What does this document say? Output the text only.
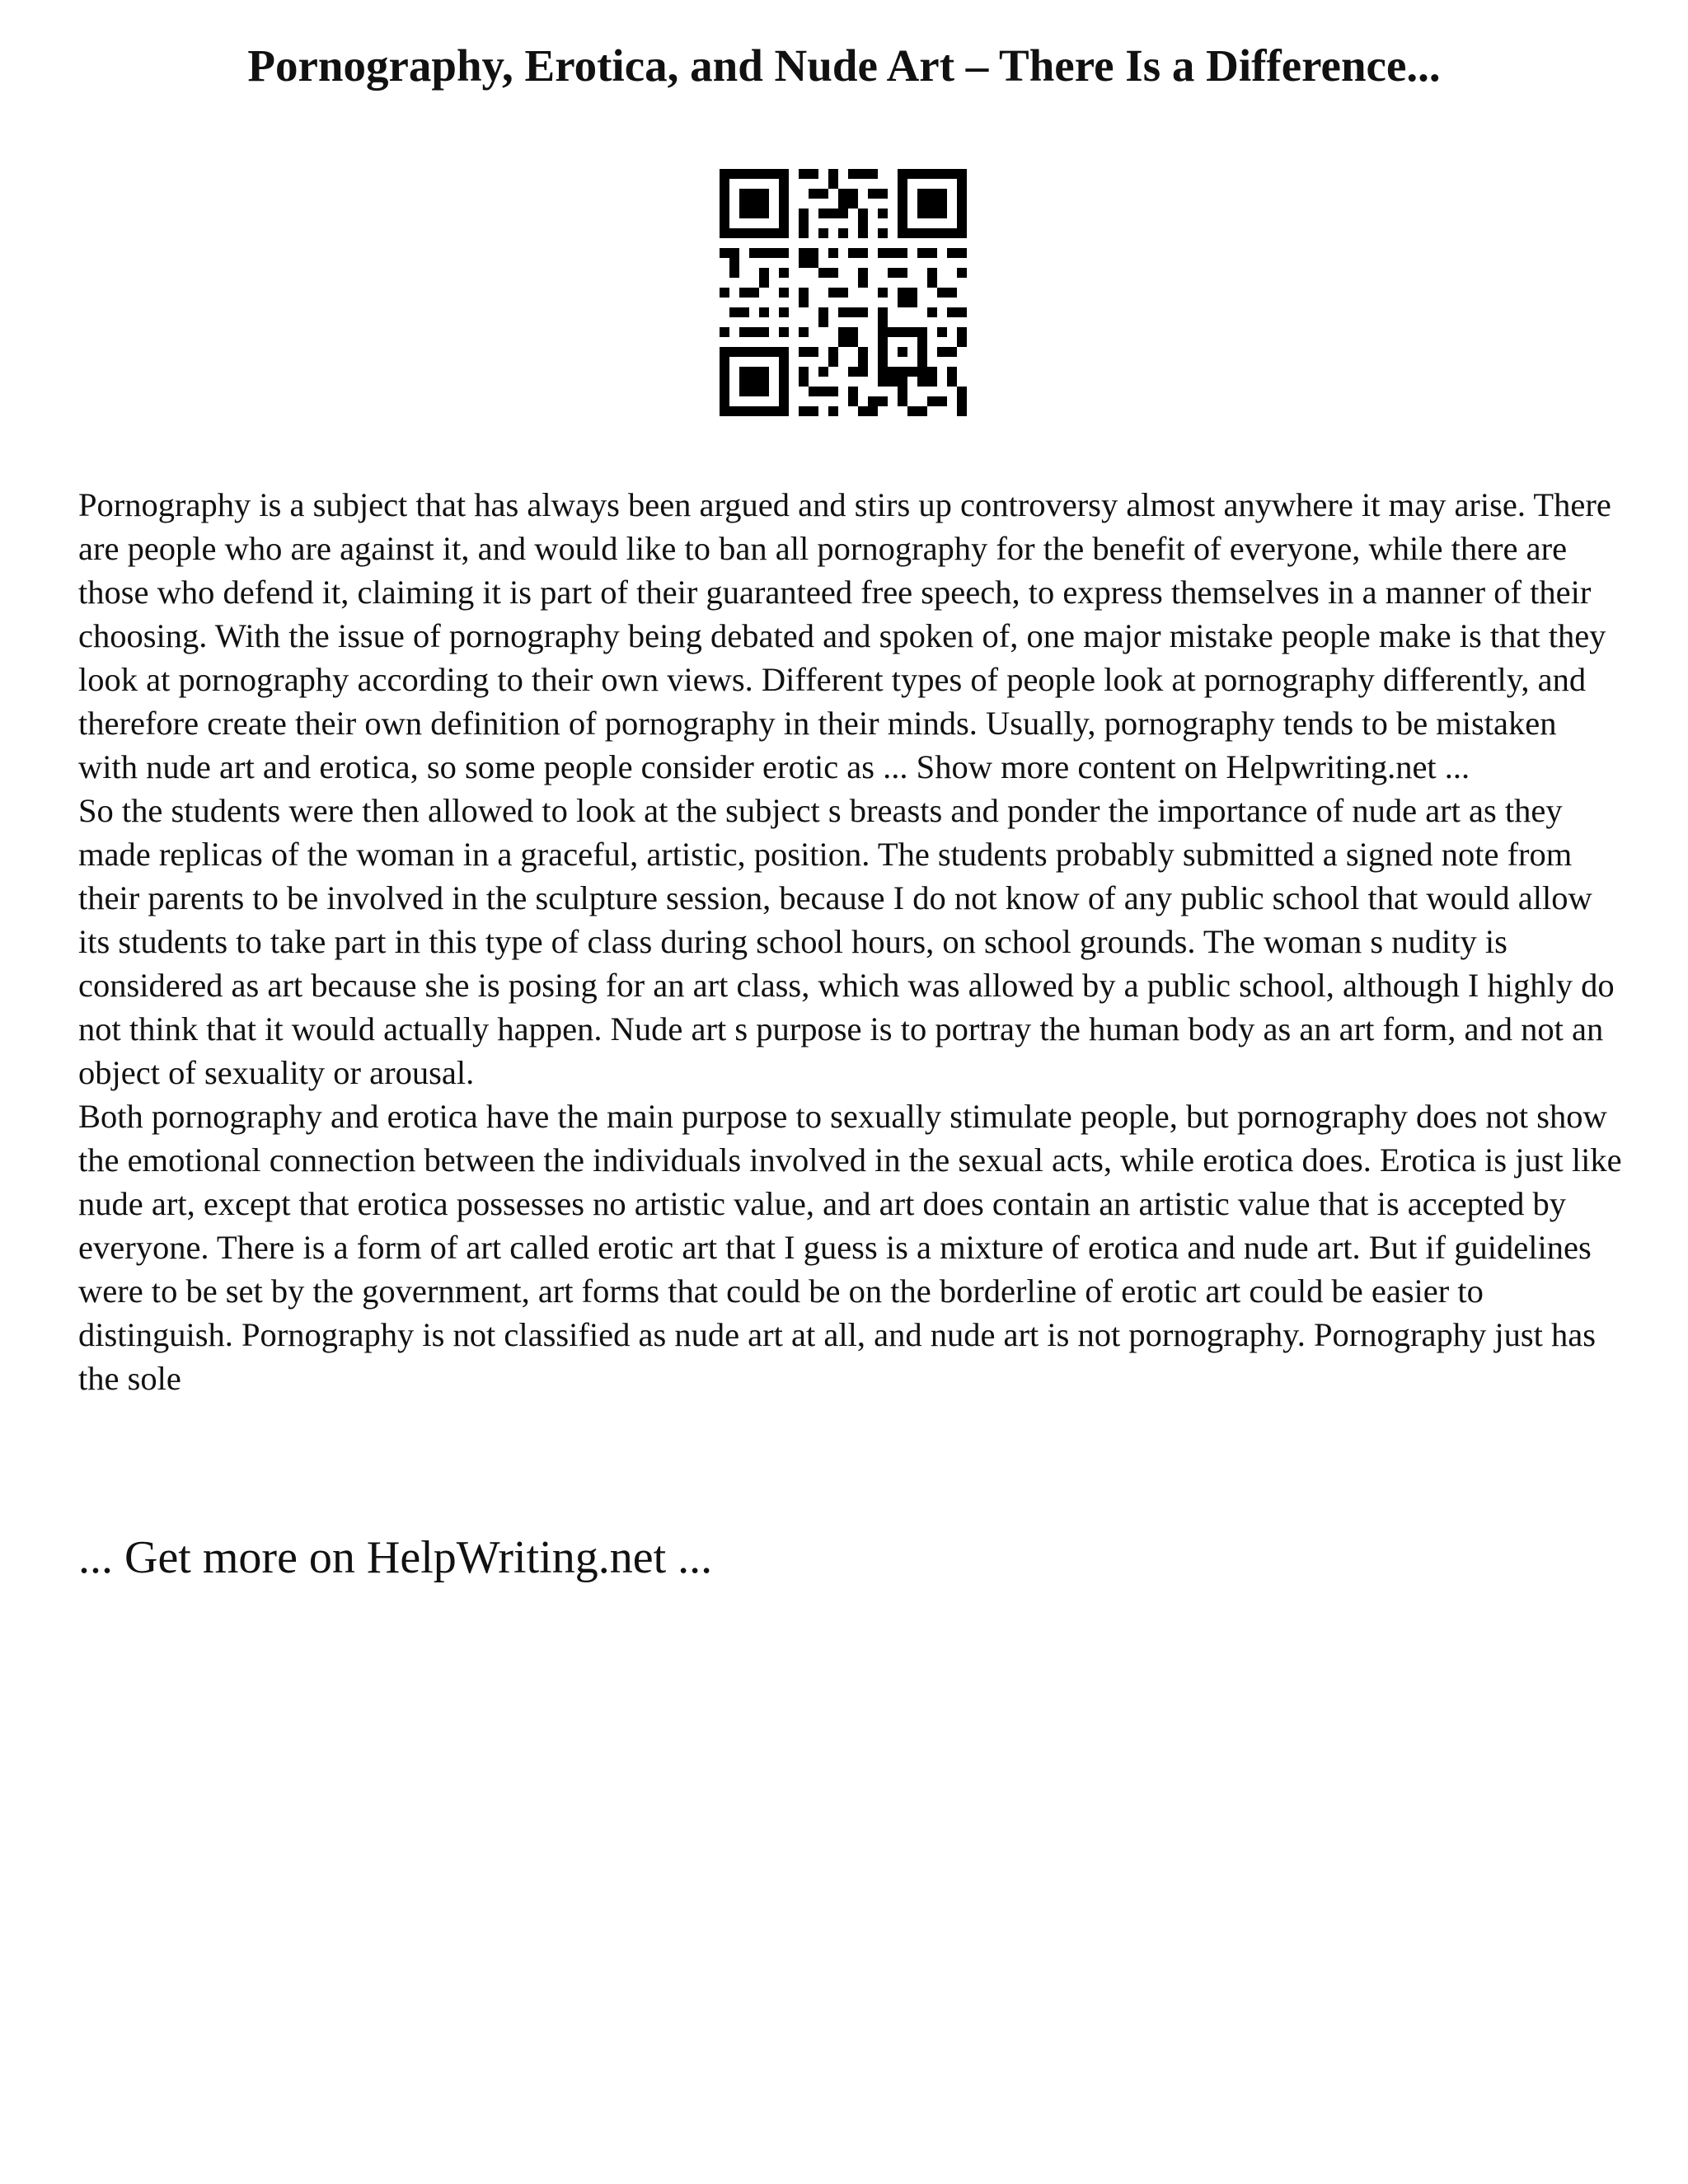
Pornography, Erotica, and Nude Art – There Is a Difference...

Pornography is a subject that has always been argued and stirs up controversy almost anywhere it may arise. There are people who are against it, and would like to ban all pornography for the benefit of everyone, while there are those who defend it, claiming it is part of their guaranteed free speech, to express themselves in a manner of their choosing. With the issue of pornography being debated and spoken of, one major mistake people make is that they look at pornography according to their own views. Different types of people look at pornography differently, and therefore create their own definition of pornography in their minds. Usually, pornography tends to be mistaken with nude art and erotica, so some people consider erotic as ... Show more content on Helpwriting.net ...

So the students were then allowed to look at the subject s breasts and ponder the importance of nude art as they made replicas of the woman in a graceful, artistic, position. The students probably submitted a signed note from their parents to be involved in the sculpture session, because I do not know of any public school that would allow its students to take part in this type of class during school hours, on school grounds. The woman s nudity is considered as art because she is posing for an art class, which was allowed by a public school, although I highly do not think that it would actually happen. Nude art s purpose is to portray the human body as an art form, and not an object of sexuality or arousal.

Both pornography and erotica have the main purpose to sexually stimulate people, but pornography does not show the emotional connection between the individuals involved in the sexual acts, while erotica does. Erotica is just like nude art, except that erotica possesses no artistic value, and art does contain an artistic value that is accepted by everyone. There is a form of art called erotic art that I guess is a mixture of erotica and nude art. But if guidelines were to be set by the government, art forms that could be on the borderline of erotic art could be easier to distinguish. Pornography is not classified as nude art at all, and nude art is not pornography. Pornography just has the sole

... Get more on HelpWriting.net ...
